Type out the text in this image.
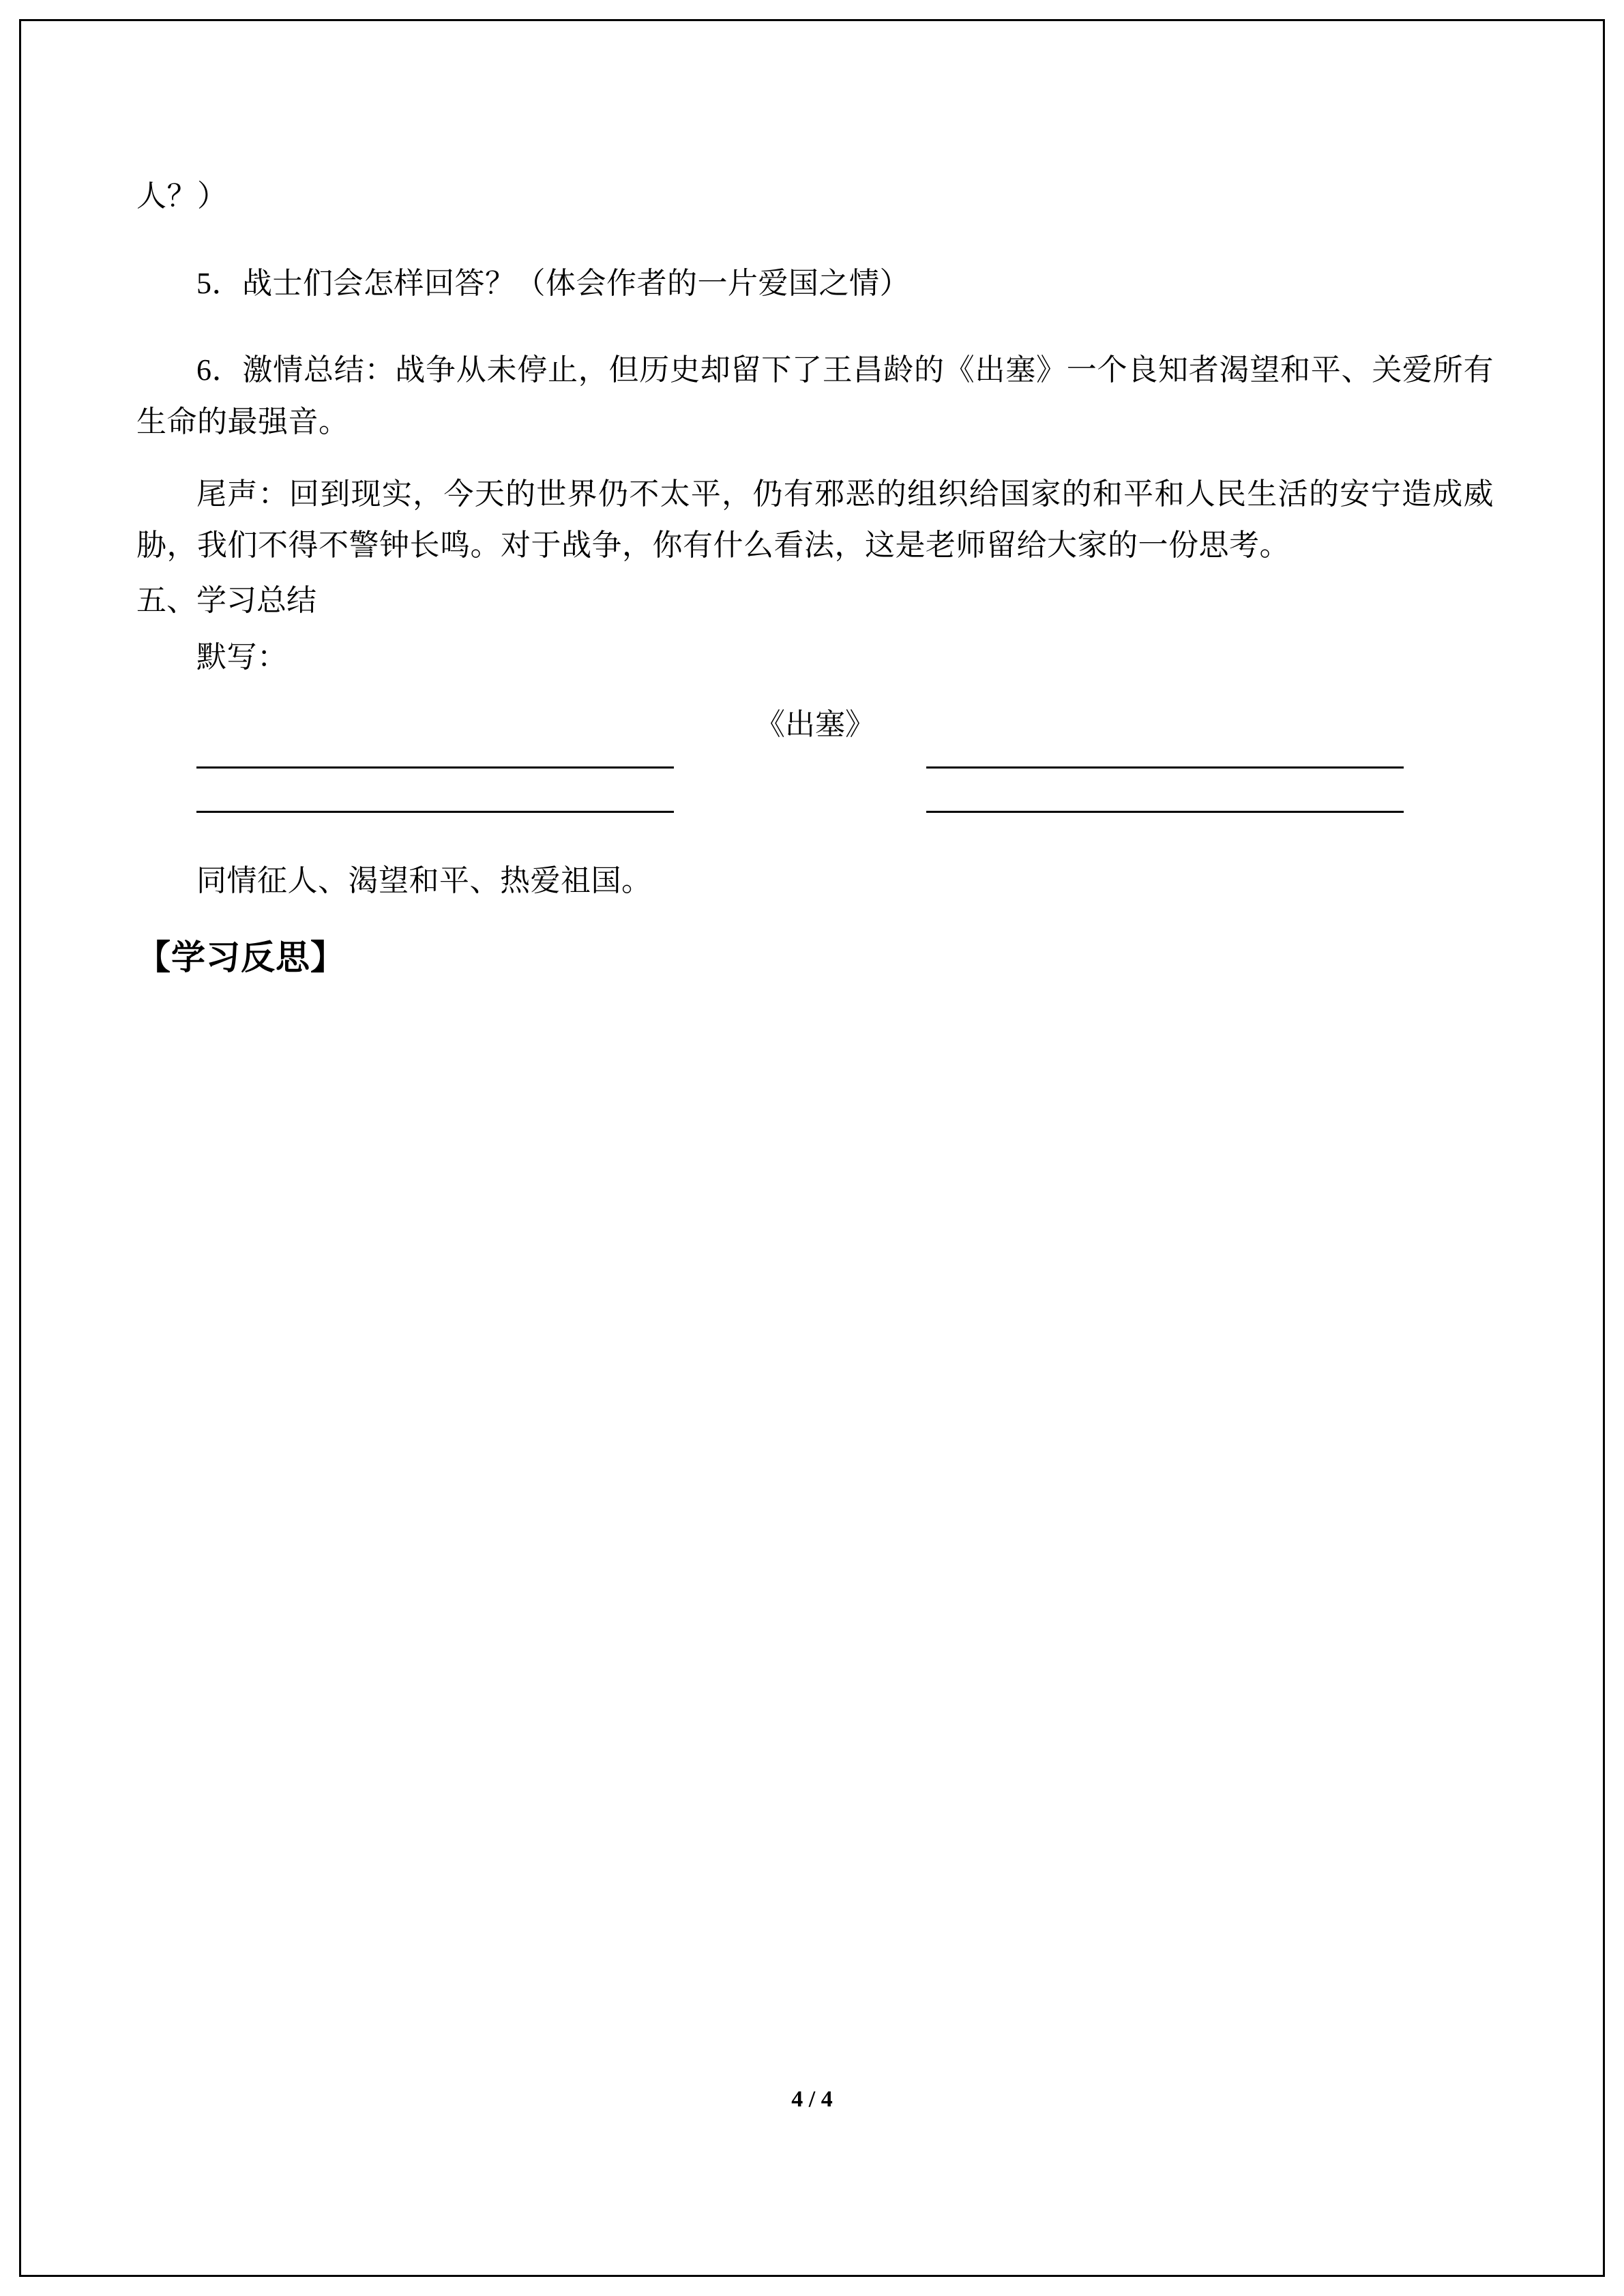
人？）

5．战士们会怎样回答？（体会作者的一片爱国之情）

6．激情总结：战争从未停止，但历史却留下了王昌龄的《出塞》一个良知者渴望和平、关爱所有生命的最强音。

尾声：回到现实，今天的世界仍不太平，仍有邪恶的组织给国家的和平和人民生活的安宁造成威胁，我们不得不警钟长鸣。对于战争，你有什么看法，这是老师留给大家的一份思考。

五、学习总结

默写：

《出塞》

同情征人、渴望和平、热爱祖国。

【学习反思】

4 / 4
